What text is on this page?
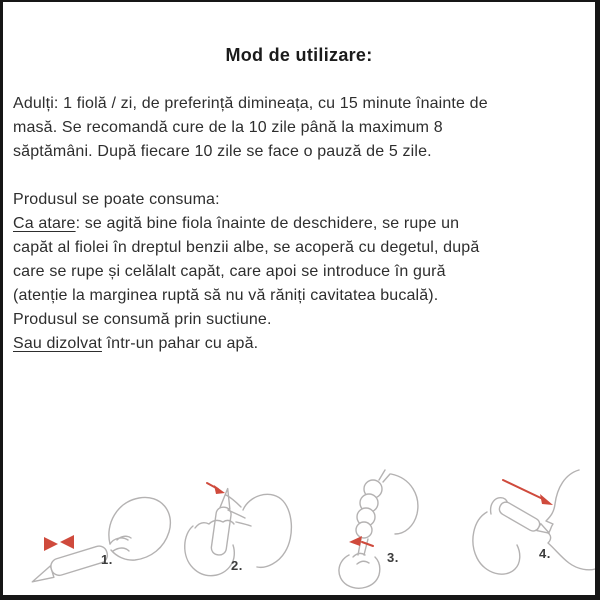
Mod de utilizare:

Adulți: 1 fiolă / zi, de preferință dimineața, cu 15 minute înainte de
masă. Se recomandă cure de la 10 zile până la maximum 8
săptămâni. După fiecare 10 zile se face o pauză de 5 zile.

Produsul se poate consuma:
Ca atare: se agită bine fiola înainte de deschidere, se rupe un
capăt al fiolei în dreptul benzii albe, se acoperă cu degetul, după
care se rupe și celălalt capăt, care apoi se introduce în gură
(atenție la marginea ruptă să nu vă răniți cavitatea bucală).
Produsul se consumă prin suctiune.
Sau dizolvat într-un pahar cu apă.

1.	2.
3.	4.
